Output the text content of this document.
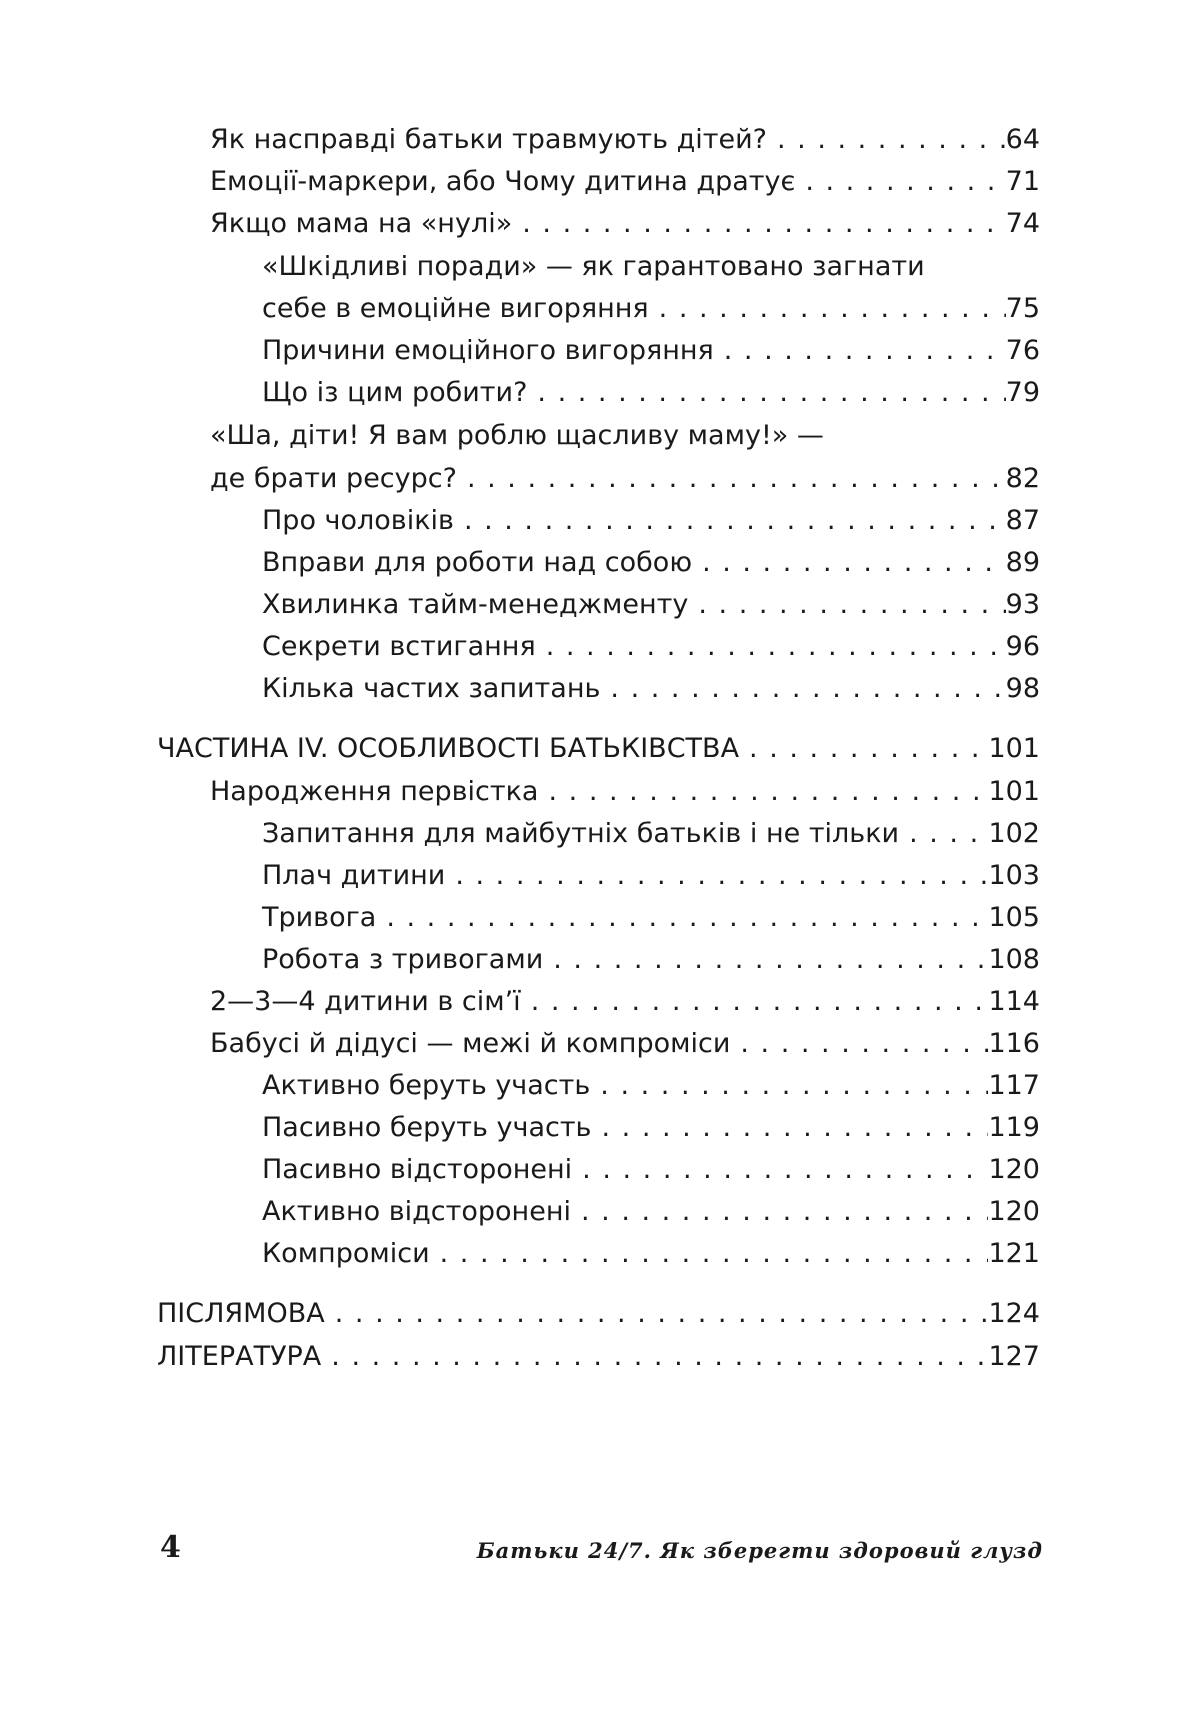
Як насправді батьки травмують дітей? . . .	64
Емоції-маркери, або Чому дитина дратує . . .	71
Якщо мама на «нулі» . . .	74
«Шкідливі поради» — як гарантовано загнати
себе в емоційне вигоряння . . .	75
Причини емоційного вигоряння . . .	76
Що із цим робити? . . .	79
«Ша, діти! Я вам роблю щасливу маму!» —
де брати ресурс? . . .	82
Про чоловіків . . .	87
Вправи для роботи над собою . . .	89
Хвилинка тайм-менеджменту . . .	93
Секрети встигання . . .	96
Кілька частих запитань . . .	98
ЧАСТИНА IV. ОСОБЛИВОСТІ БАТЬКІВСТВА . . .	101
Народження первістка . . .	101
Запитання для майбутніх батьків і не тільки . . .	102
Плач дитини . . .	103
Тривога . . .	105
Робота з тривогами . . .	108
2—3—4 дитини в сім’ї . . .	114
Бабусі й дідусі — межі й компроміси . . .	116
Активно беруть участь . . .	117
Пасивно беруть участь . . .	119
Пасивно відсторонені . . .	120
Активно відсторонені . . .	120
Компроміси . . .	121
ПІСЛЯМОВА . . .	124
ЛІТЕРАТУРА . . .	127
4	Батьки 24/7. Як зберегти здоровий глузд
